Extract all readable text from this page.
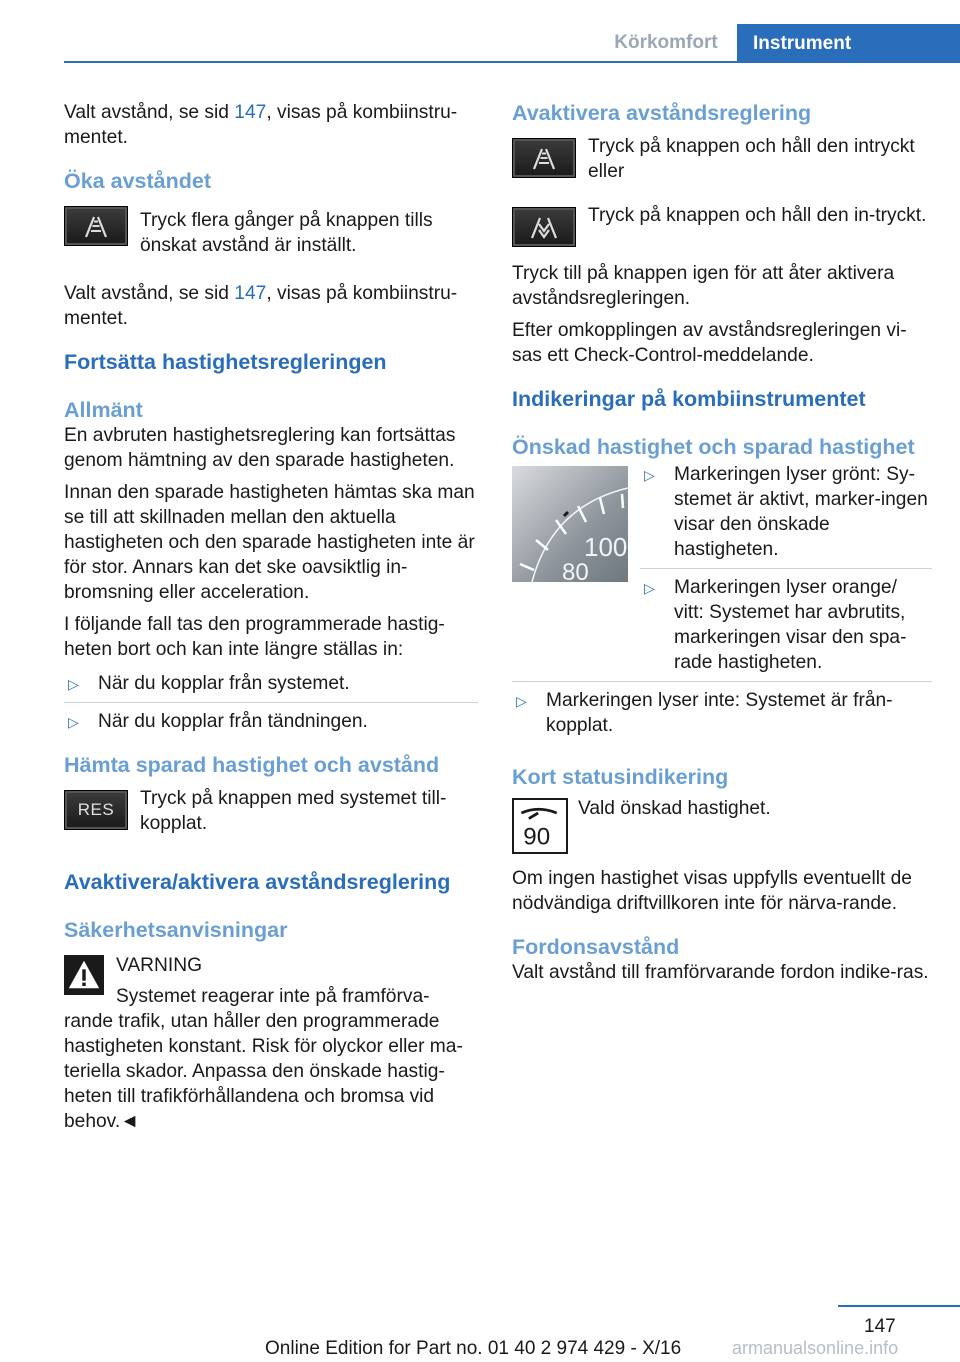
Körkomfort	Instrument

Valt avstånd, se sid 147, visas på kombiinstru-mentet.

Öka avståndet

Tryck flera gånger på knappen tills önskat avstånd är inställt.

Valt avstånd, se sid 147, visas på kombiinstru-mentet.

Fortsätta hastighetsregleringen
Allmänt

En avbruten hastighetsreglering kan fortsättas genom hämtning av den sparade hastigheten.

Innan den sparade hastigheten hämtas ska man se till att skillnaden mellan den aktuella hastigheten och den sparade hastigheten inte är för stor. Annars kan det ske oavsiktlig in-bromsning eller acceleration.

I följande fall tas den programmerade hastig-heten bort och kan inte längre ställas in:

▷ När du kopplar från systemet.
▷ När du kopplar från tändningen.
Hämta sparad hastighet och avstånd
RES

Tryck på knappen med systemet till-kopplat.

Avaktivera/aktivera avståndsreglering
Säkerhetsanvisningar

VARNING

Systemet reagerar inte på framförva-

rande trafik, utan håller den programmerade hastigheten konstant. Risk för olyckor eller ma-teriella skador. Anpassa den önskade hastig-heten till trafikförhållandena och bromsa vid behov.◄

Avaktivera avståndsreglering

Tryck på knappen och håll den intryckt eller

Tryck på knappen och håll den in-tryckt.

Tryck till på knappen igen för att åter aktivera avståndsregleringen.

Efter omkopplingen av avståndsregleringen vi-sas ett Check-Control-meddelande.

Indikeringar på kombiinstrumentet
Önskad hastighet och sparad hastighet
100
80
▷ Markeringen lyser grönt: Sy-stemet är aktivt, marker-ingen visar den önskade hastigheten.
▷ Markeringen lyser orange/ vitt: Systemet har avbrutits, markeringen visar den spa-rade hastigheten.
▷ Markeringen lyser inte: Systemet är från-kopplat.
Kort statusindikering
90

Vald önskad hastighet.

Om ingen hastighet visas uppfylls eventuellt de nödvändiga driftvillkoren inte för närva-rande.

Fordonsavstånd

Valt avstånd till framförvarande fordon indike-ras.

147
Online Edition for Part no. 01 40 2 974 429 - X/16	armanualsonline.info
